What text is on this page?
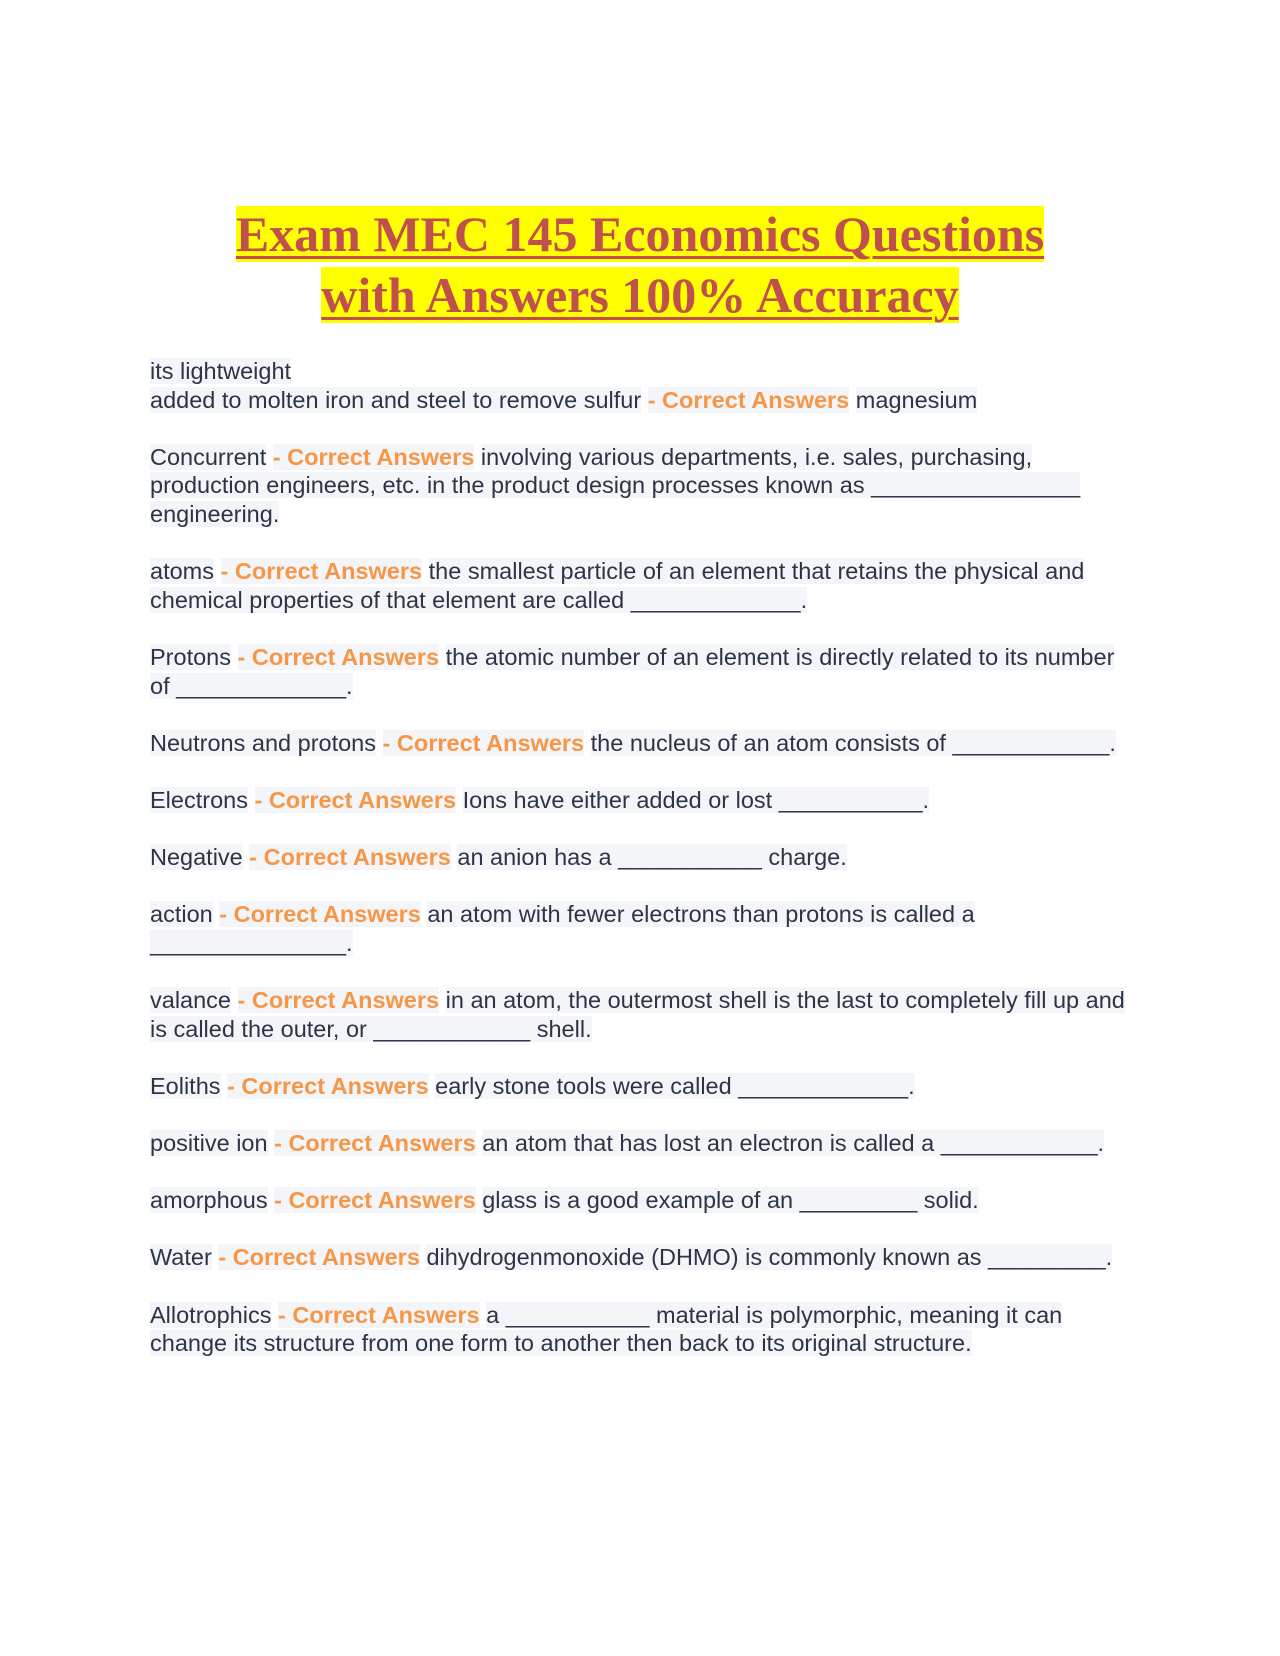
Exam MEC 145 Economics Questions
with Answers 100% Accuracy
its lightweight

added to molten iron and steel to remove sulfur - Correct Answers magnesium

Concurrent - Correct Answers involving various departments, i.e. sales, purchasing, production engineers, etc. in the product design processes known as ________________ engineering.

atoms - Correct Answers the smallest particle of an element that retains the physical and chemical properties of that element are called _____________.

Protons - Correct Answers the atomic number of an element is directly related to its number of _____________.

Neutrons and protons - Correct Answers the nucleus of an atom consists of ____________.

Electrons - Correct Answers Ions have either added or lost ___________.

Negative - Correct Answers an anion has a ___________ charge.

action - Correct Answers an atom with fewer electrons than protons is called a _______________.

valance - Correct Answers in an atom, the outermost shell is the last to completely fill up and is called the outer, or ____________ shell.

Eoliths - Correct Answers early stone tools were called _____________.

positive ion - Correct Answers an atom that has lost an electron is called a ____________.

amorphous - Correct Answers glass is a good example of an _________ solid.

Water - Correct Answers dihydrogenmonoxide (DHMO) is commonly known as _________.

Allotrophics - Correct Answers a ___________ material is polymorphic, meaning it can change its structure from one form to another then back to its original structure.
